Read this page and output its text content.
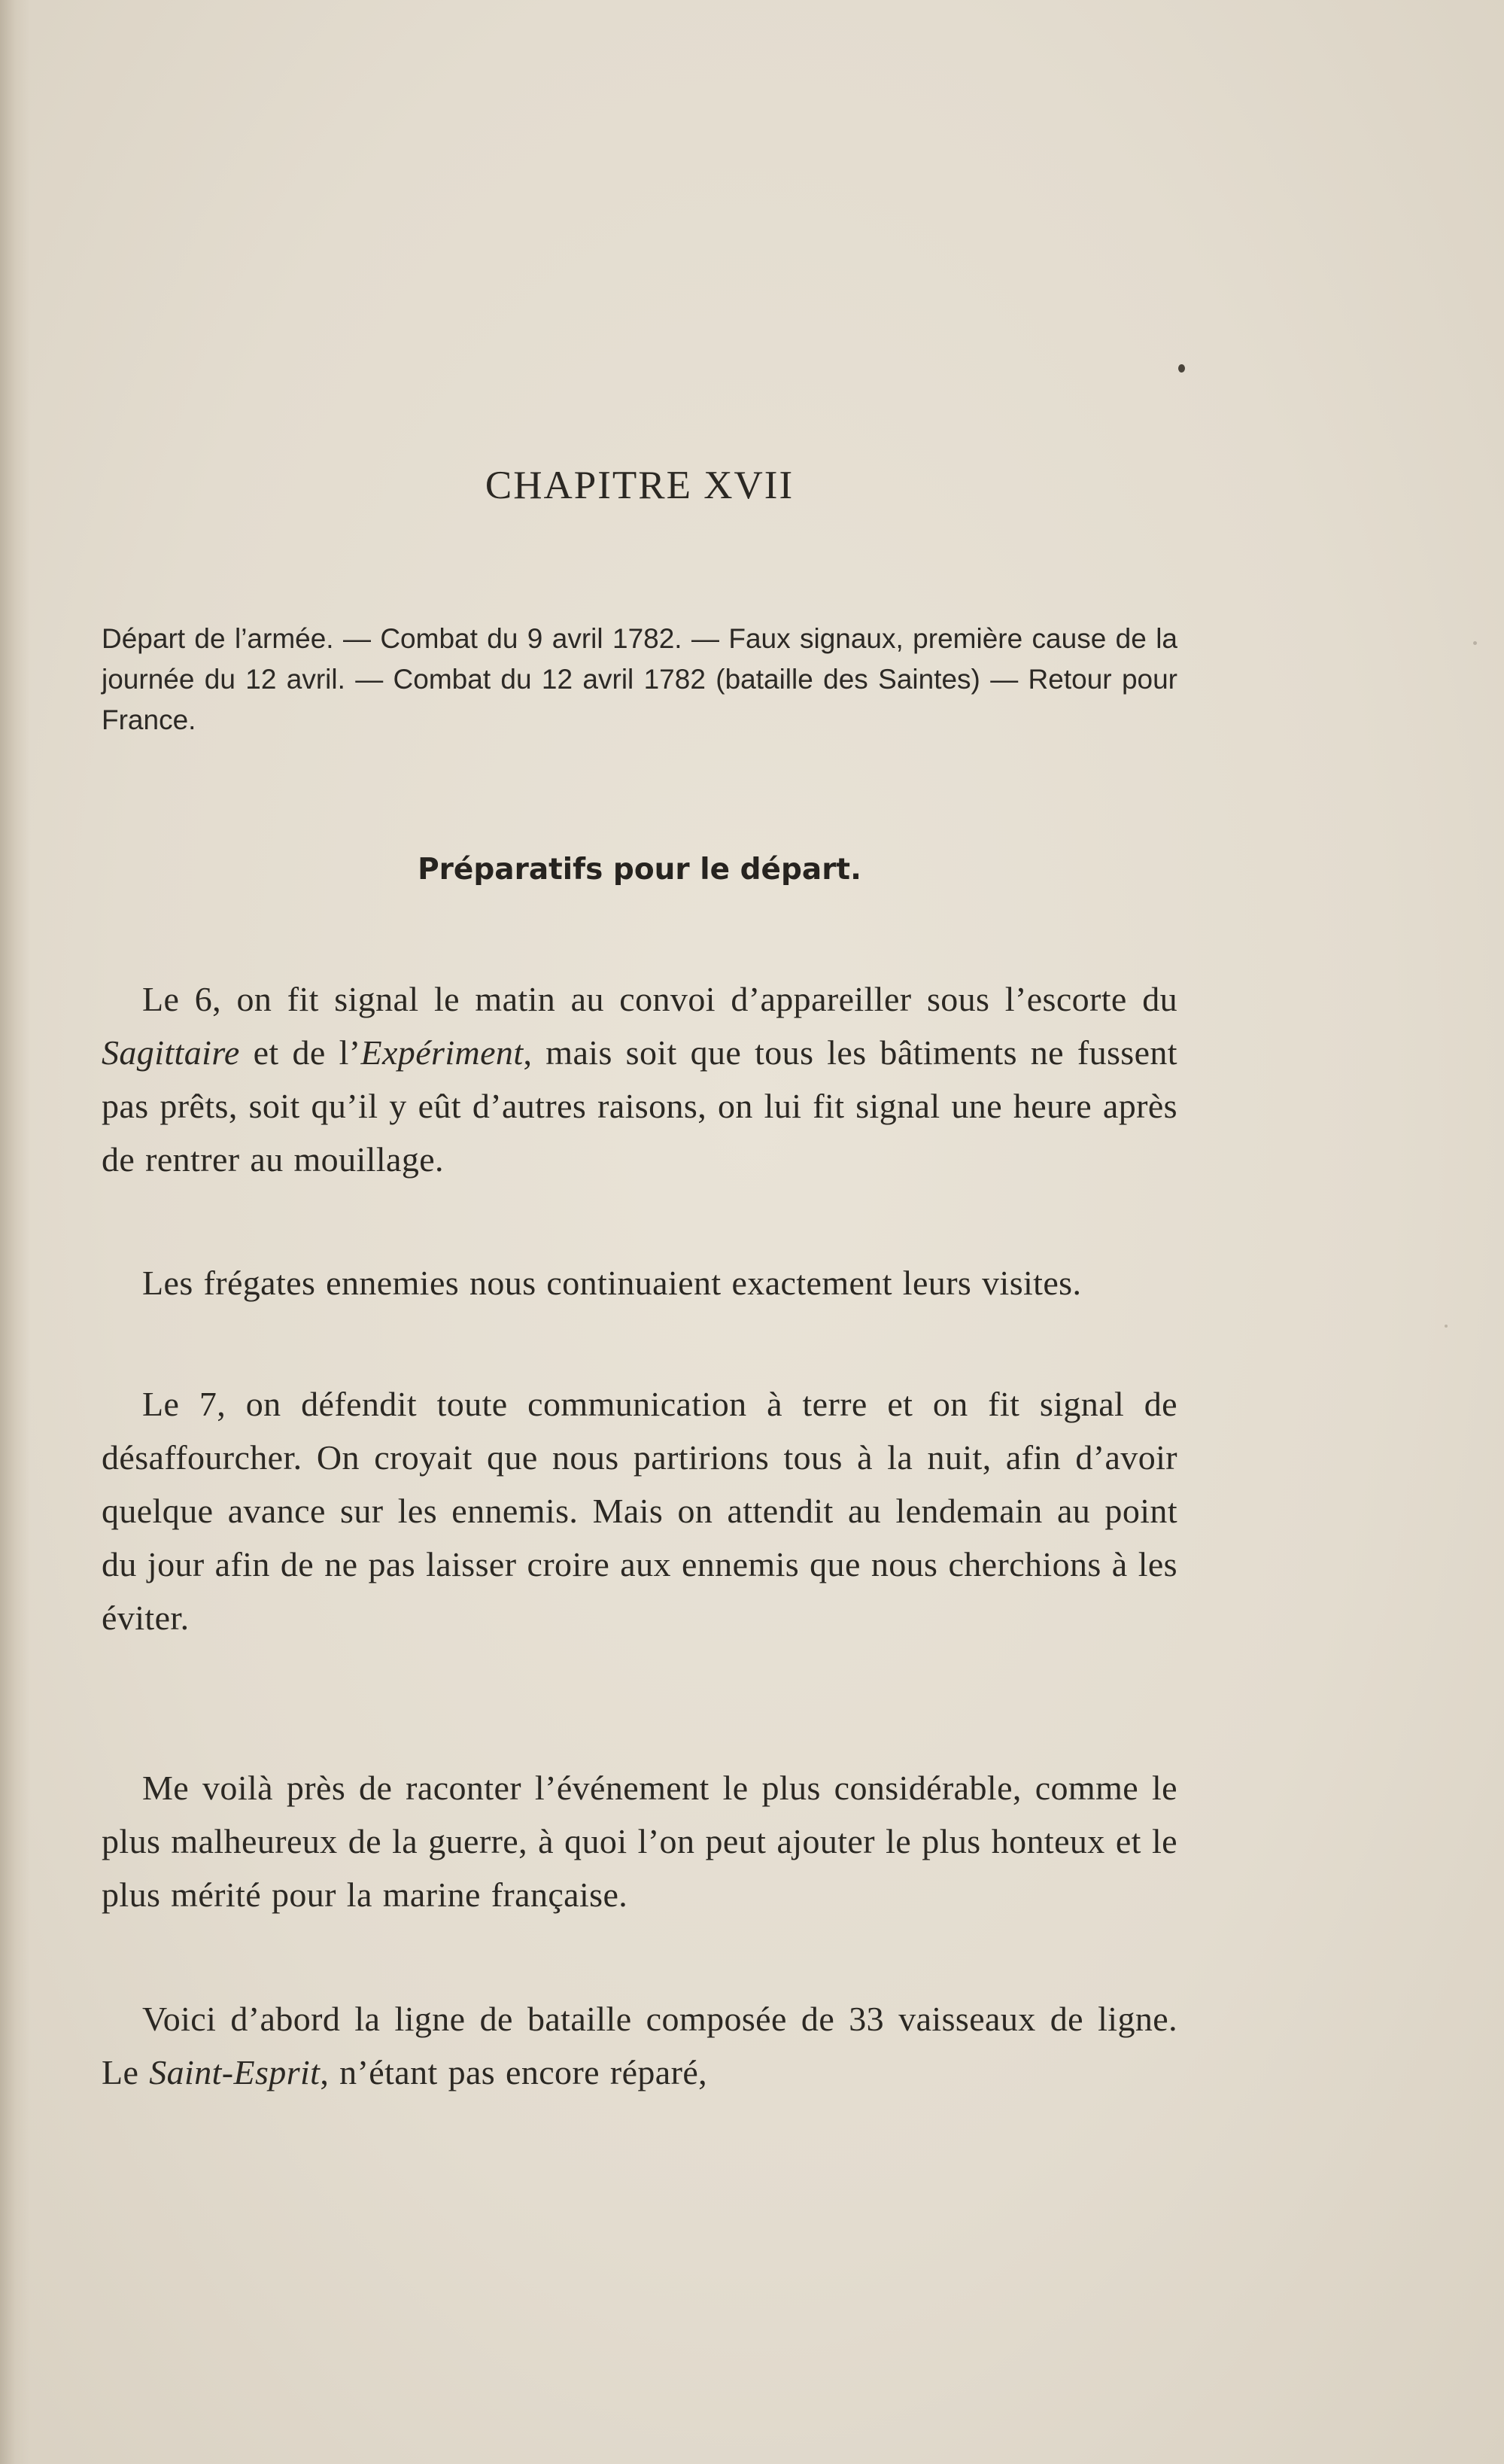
CHAPITRE XVII

Départ de l’armée. — Combat du 9 avril 1782. — Faux signaux, première cause de la journée du 12 avril. — Combat du 12 avril 1782 (bataille des Saintes) — Retour pour France.

Préparatifs pour le départ.

Le 6, on fit signal le matin au convoi d’appareiller sous l’escorte du Sagittaire et de l’Expériment, mais soit que tous les bâtiments ne fussent pas prêts, soit qu’il y eût d’autres raisons, on lui fit signal une heure après de rentrer au mouillage.

Les frégates ennemies nous continuaient exactement leurs visites.

Le 7, on défendit toute communication à terre et on fit signal de désaffourcher. On croyait que nous partirions tous à la nuit, afin d’avoir quelque avance sur les ennemis. Mais on attendit au lendemain au point du jour afin de ne pas laisser croire aux ennemis que nous cherchions à les éviter.

Me voilà près de raconter l’événement le plus considérable, comme le plus malheureux de la guerre, à quoi l’on peut ajouter le plus honteux et le plus mérité pour la marine française.

Voici d’abord la ligne de bataille composée de 33 vaisseaux de ligne. Le Saint-Esprit, n’étant pas encore réparé,
